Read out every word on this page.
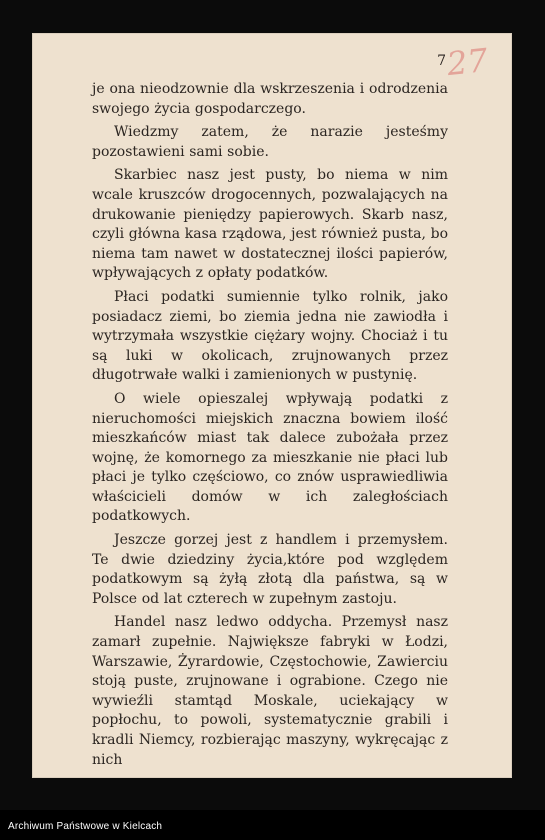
7 27

je ona nieodzownie dla wskrzeszenia i odrodzenia swojego życia gospodarczego.

Wiedzmy zatem, że narazie jesteśmy pozostawieni sami sobie.

Skarbiec nasz jest pusty, bo niema w nim wcale kruszców drogocennych, pozwalających na drukowanie pieniędzy papierowych. Skarb nasz, czyli główna kasa rządowa, jest również pusta, bo niema tam nawet w dostatecznej ilości papierów, wpływających z opłaty podatków.

Płaci podatki sumiennie tylko rolnik, jako posiadacz ziemi, bo ziemia jedna nie zawiodła i wytrzymała wszystkie ciężary wojny. Chociaż i tu są luki w okolicach, zrujnowanych przez długotrwałe walki i zamienionych w pustynię.

O wiele opieszalej wpływają podatki z nieruchomości miejskich znaczna bowiem ilość mieszkańców miast tak dalece zubożała przez wojnę, że komornego za mieszkanie nie płaci lub płaci je tylko częściowo, co znów usprawiedliwia właścicieli domów w ich zaległościach podatkowych.

Jeszcze gorzej jest z handlem i przemysłem. Te dwie dziedziny życia,które pod względem podatkowym są żyłą złotą dla państwa, są w Polsce od lat czterech w zupełnym zastoju.

Handel nasz ledwo oddycha. Przemysł nasz zamarł zupełnie. Największe fabryki w Łodzi, Warszawie, Żyrardowie, Częstochowie, Zawierciu stoją puste, zrujnowane i ograbione. Czego nie wywieźli stamtąd Moskale, uciekający w popłochu, to powoli, systematycznie grabili i kradli Niemcy, rozbierając maszyny, wykręcając z nich

Archiwum Państwowe w Kielcach
